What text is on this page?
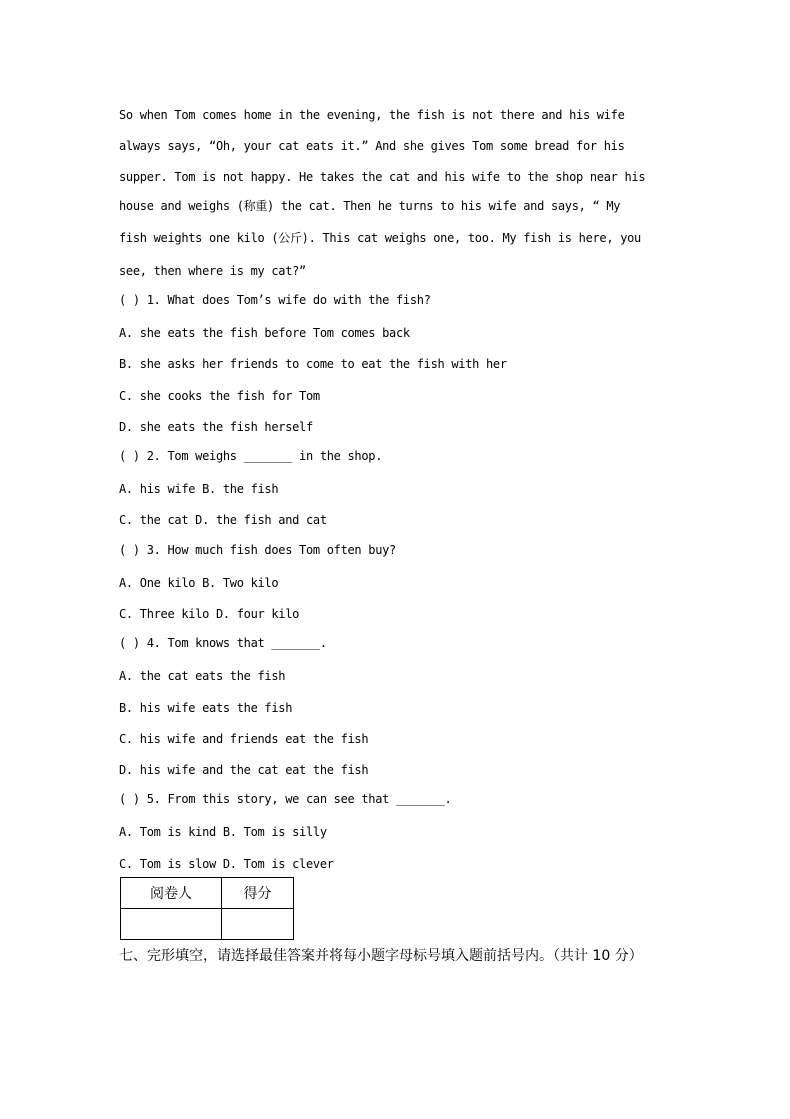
So when Tom comes home in the evening, the fish is not there and his wife
always says, “Oh, your cat eats it.” And she gives Tom some bread for his
supper. Tom is not happy. He takes the cat and his wife to the shop near his
house and weighs (称重) the cat. Then he turns to his wife and says, “ My
fish weights one kilo (公斤). This cat weighs one, too. My fish is here, you
see, then where is my cat?”
( ) 1. What does Tom’s wife do with the fish?
A. she eats the fish before Tom comes back
B. she asks her friends to come to eat the fish with her
C. she cooks the fish for Tom
D. she eats the fish herself
( ) 2. Tom weighs _______ in the shop.
A. his wife B. the fish
C. the cat D. the fish and cat
( ) 3. How much fish does Tom often buy?
A. One kilo B. Two kilo
C. Three kilo D. four kilo
( ) 4. Tom knows that _______.
A. the cat eats the fish
B. his wife eats the fish
C. his wife and friends eat the fish
D. his wife and the cat eat the fish
( ) 5. From this story, we can see that _______.
A. Tom is kind B. Tom is silly
C. Tom is slow D. Tom is clever
阅卷人	得分

七、完形填空，请选择最佳答案并将每小题字母标号填入题前括号内。（共计 10 分）
